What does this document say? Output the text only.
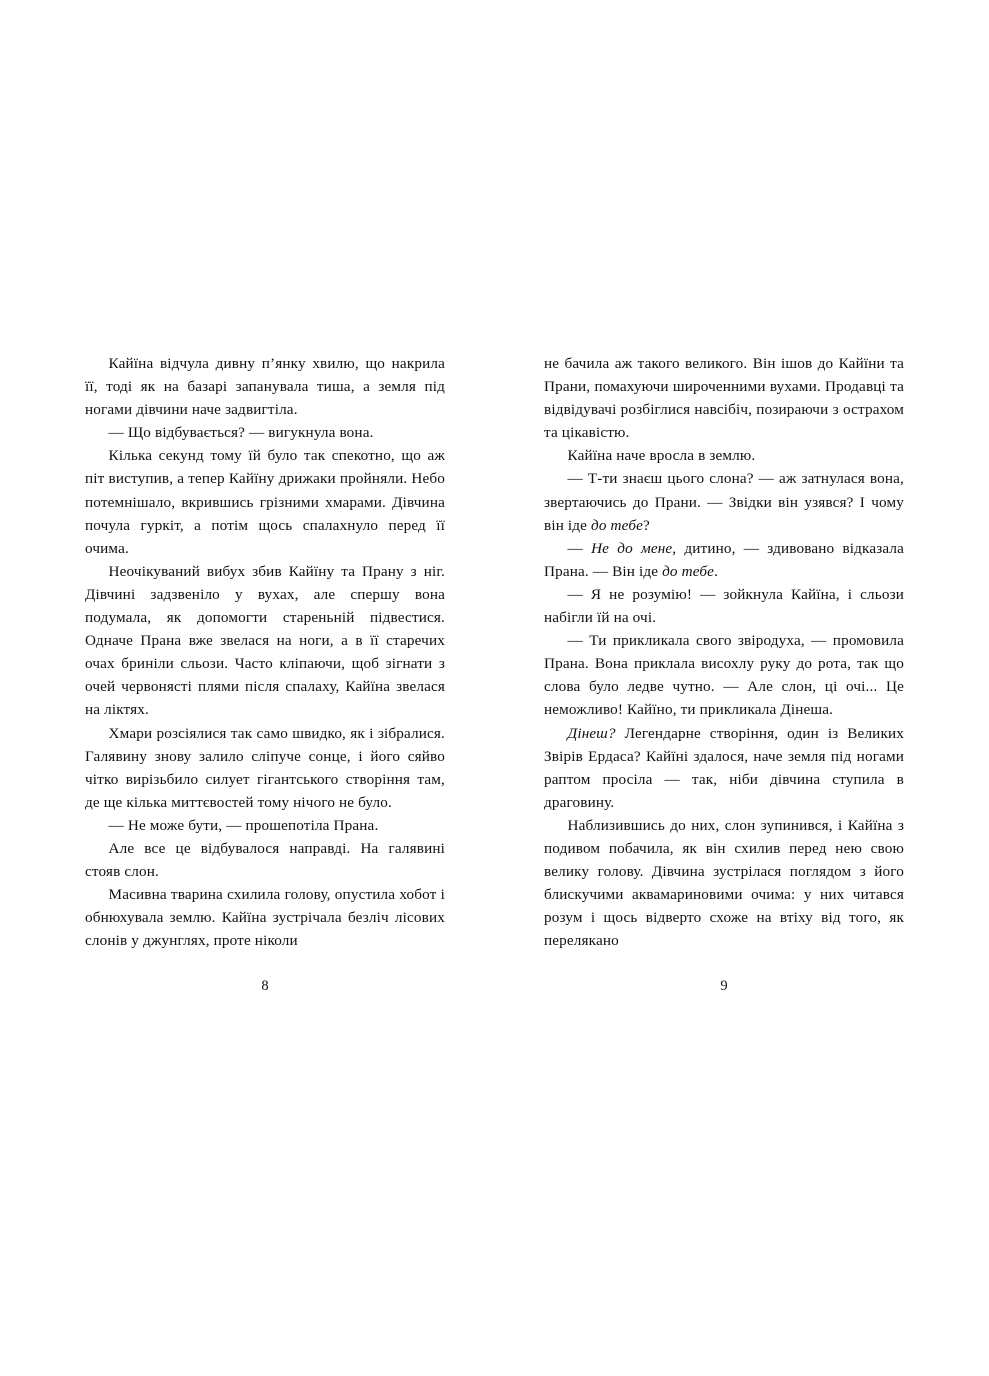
Кайїна відчула дивну п’янку хвилю, що накрила її, тоді як на базарі запанувала тиша, а земля під ногами дівчини наче задвигтіла.

— Що відбувається? — вигукнула вона.

Кілька секунд тому їй було так спекотно, що аж піт виступив, а тепер Кайїну дрижаки пройняли. Небо потемнішало, вкрившись грізними хмарами. Дівчина почула гуркіт, а потім щось спалахнуло перед її очима.

Неочікуваний вибух збив Кайїну та Прану з ніг. Дівчині задзвеніло у вухах, але спершу вона подумала, як допомогти стареньній підвестися. Одначе Прана вже звелася на ноги, а в її старечих очах бриніли сльози. Часто кліпаючи, щоб зігнати з очей червонясті плями після спалаху, Кайїна звелася на ліктях.

Хмари розсіялися так само швидко, як і зібралися. Галявину знову залило сліпуче сонце, і його сяйво чітко вирізьбило силует гігантського створіння там, де ще кілька миттєвостей тому нічого не було.

— Не може бути, — прошепотіла Прана.

Але все це відбувалося направді. На галявині стояв слон.

Масивна тварина схилила голову, опустила хобот і обнюхувала землю. Кайїна зустрічала безліч лісових слонів у джунглях, проте ніколи

8

не бачила аж такого великого. Він ішов до Кайїни та Прани, помахуючи широченними вухами. Продавці та відвідувачі розбіглися навсібіч, позираючи з острахом та цікавістю.

Кайїна наче вросла в землю.

— Т-ти знаєш цього слона? — аж затнулася вона, звертаючись до Прани. — Звідки він узявся? І чому він іде до тебе?

— Не до мене, дитино, — здивовано відказала Прана. — Він іде до тебе.

— Я не розумію! — зойкнула Кайїна, і сльози набігли їй на очі.

— Ти прикликала свого звіродуха, — промовила Прана. Вона приклала висохлу руку до рота, так що слова було ледве чутно. — Але слон, ці очі... Це неможливо! Кайїно, ти прикликала Дінеша.

Дінеш? Легендарне створіння, один із Великих Звірів Ердаса? Кайїні здалося, наче земля під ногами раптом просіла — так, ніби дівчина ступила в драговину.

Наблизившись до них, слон зупинився, і Кайїна з подивом побачила, як він схилив перед нею свою велику голову. Дівчина зустрілася поглядом з його блискучими аквамариновими очима: у них читався розум і щось відверто схоже на втіху від того, як перелякано

9
